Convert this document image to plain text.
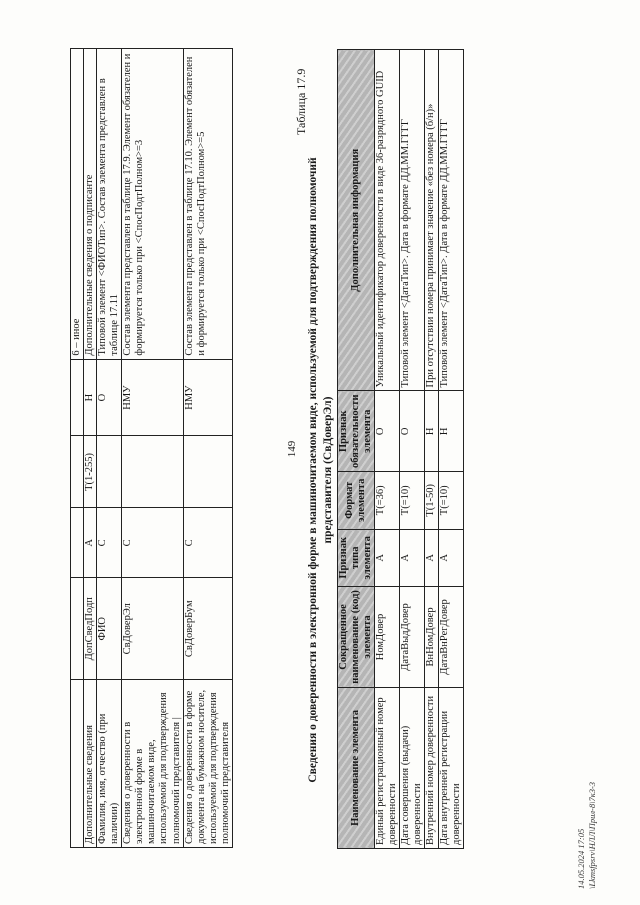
149
					6 – иное
Дополнительные сведения	ДопСведПодп	А	Т(1-255)	Н	Дополнительные сведения о подписанте
Фамилия, имя, отчество (при наличии)	ФИО	С		О	Типовой элемент <ФИОТип>. Состав элемента представлен в таблице 17.11
Сведения о доверенности в электронной форме в машиночитаемом виде, используемой для подтверждения полномочий представителя |	СвДоверЭл	С		НМУ	Состав элемента представлен в таблице 17.9. Элемент обязателен и формируется только при <СпосПодтПолном>=3
Сведения о доверенности в форме документа на бумажном носителе, используемой для подтверждения полномочий представителя	СвДоверБум	С		НМУ	Состав элемента представлен в таблице 17.10. Элемент обязателен и формируется только при <СпосПодтПолном>=5
Таблица 17.9
Сведения о доверенности в электронной форме в машиночитаемом виде, используемой для подтверждения полномочий представителя (СвДоверЭл)
Наименование элемента	Сокращенное наименование (код) элемента	Признак типа элемента	Формат элемента	Признак обязательности элемента	Дополнительная информация
Единый регистрационный номер доверенности	НомДовер	А	Т(=36)	О	Уникальный идентификатор доверенности в виде 36-разрядного GUID
Дата совершения (выдачи) доверенности	ДатаВыдДовер	А	Т(=10)	О	Типовой элемент <ДатаТип>. Дата в формате ДД.ММ.ГГГГ
Внутренний номер доверенности	ВнНомДовер	А	Т(1-50)	Н	При отсутствии номера принимает значение «без номера (б/н)»
Дата внутренней регистрации доверенности	ДатаВнРегДовер	А	Т(=10)	Н	Типовой элемент <ДатаТип>. Дата в формате ДД.ММ.ГГГГ
14.05.2024 17:05 \Lkmsfpsrv\НЛЛ\Прил-8\7к3-3
